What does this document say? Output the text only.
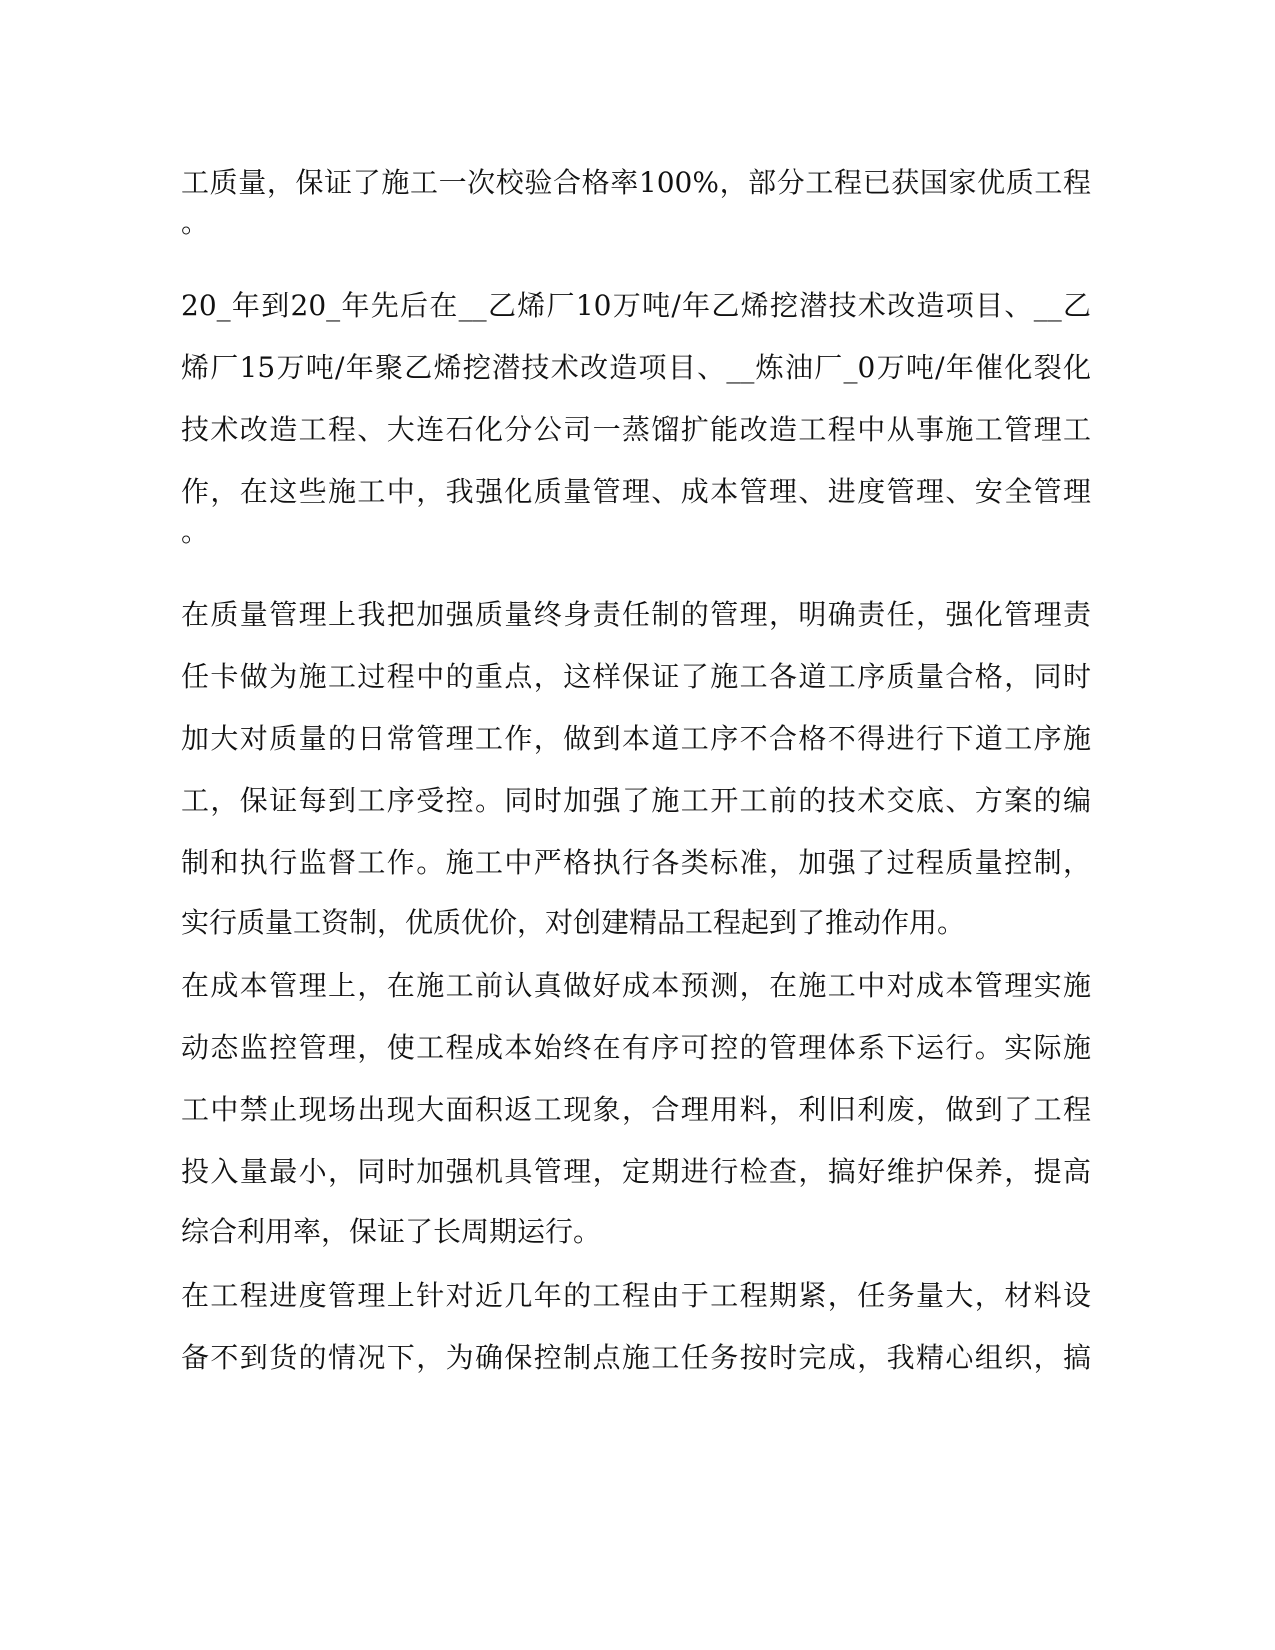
工质量，保证了施工一次校验合格率100%，部分工程已获国家优质工程
。
20_年到20_年先后在__乙烯厂10万吨/年乙烯挖潜技术改造项目、__乙
烯厂15万吨/年聚乙烯挖潜技术改造项目、__炼油厂_0万吨/年催化裂化
技术改造工程、大连石化分公司一蒸馏扩能改造工程中从事施工管理工
作，在这些施工中，我强化质量管理、成本管理、进度管理、安全管理
。
在质量管理上我把加强质量终身责任制的管理，明确责任，强化管理责
任卡做为施工过程中的重点，这样保证了施工各道工序质量合格，同时
加大对质量的日常管理工作，做到本道工序不合格不得进行下道工序施
工，保证每到工序受控。同时加强了施工开工前的技术交底、方案的编
制和执行监督工作。施工中严格执行各类标准，加强了过程质量控制，
实行质量工资制，优质优价，对创建精品工程起到了推动作用。
在成本管理上，在施工前认真做好成本预测，在施工中对成本管理实施
动态监控管理，使工程成本始终在有序可控的管理体系下运行。实际施
工中禁止现场出现大面积返工现象，合理用料，利旧利废，做到了工程
投入量最小，同时加强机具管理，定期进行检查，搞好维护保养，提高
综合利用率，保证了长周期运行。
在工程进度管理上针对近几年的工程由于工程期紧，任务量大，材料设
备不到货的情况下，为确保控制点施工任务按时完成，我精心组织，搞
